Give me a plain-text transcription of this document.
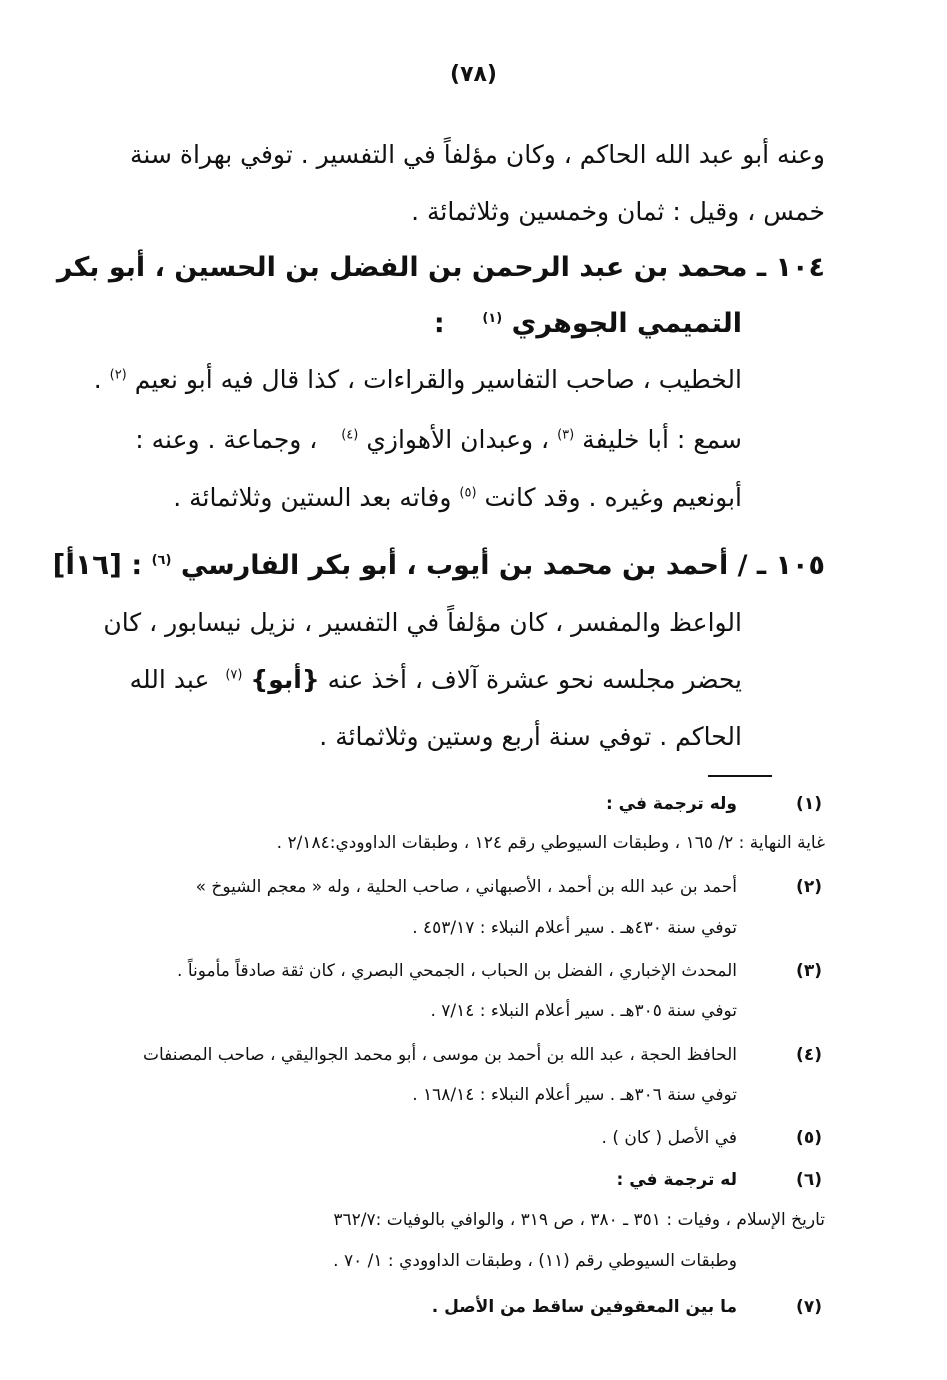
(٧٨)
وعنه أبو عبد الله الحاكم ، وكان مؤلفاً في التفسير . توفي بهراة سنة
خمس ، وقيل : ثمان وخمسين وثلاثمائة .
١٠٤ ـ محمد بن عبد الرحمن بن الفضل بن الحسين ، أبو بكر
التميمي الجوهري $^{(١)}$    :
الخطيب ، صاحب التفاسير والقراءات ، كذا قال فيه أبو نعيم $^{(٢)}$ .
سمع : أبا خليفة $^{(٣)}$ ، وعبدان الأهوازي $^{(٤)}$   ، وجماعة . وعنه :
أبونعيم وغيره . وقد كانت $^{(٥)}$ وفاته بعد الستين وثلاثمائة .
١٠٥ ـ / أحمد بن محمد بن أيوب ، أبو بكر الفارسي $^{(٦)}$ : [١٦أ]
الواعظ والمفسر ، كان مؤلفاً في التفسير ، نزيل نيسابور ، كان
يحضر مجلسه نحو عشرة آلاف ، أخذ عنه {أبو} $^{(٧)}$  عبد الله
الحاكم . توفي سنة أربع وستين وثلاثمائة .
(١)
وله ترجمة في :
غاية النهاية : ٢/ ١٦٥ ، وطبقات السيوطي رقم ١٢٤ ، وطبقات الداوودي:٢/١٨٤ .
(٢)
أحمد بن عبد الله بن أحمد ، الأصبهاني ، صاحب الحلية ، وله « معجم الشيوخ »
توفي سنة ٤٣٠هـ . سير أعلام النبلاء : ٤٥٣/١٧ .
(٣)
المحدث الإخباري ، الفضل بن الحباب ، الجمحي البصري ، كان ثقة صادقاً مأموناً .
توفي سنة ٣٠٥هـ . سير أعلام النبلاء : ٧/١٤ .
(٤)
الحافظ الحجة ، عبد الله بن أحمد بن موسى ، أبو محمد الجواليقي ، صاحب المصنفات
توفي سنة ٣٠٦هـ . سير أعلام النبلاء : ١٦٨/١٤ .
(٥)
في الأصل ( كان ) .
(٦)
له ترجمة في :
تاريخ الإسلام ، وفيات : ٣٥١ ـ ٣٨٠ ، ص ٣١٩ ، والوافي بالوفيات :٣٦٢/٧
وطبقات السيوطي رقم (١١) ، وطبقات الداوودي : ١/ ٧٠ .
(٧)
ما بين المعقوفين ساقط من الأصل .
